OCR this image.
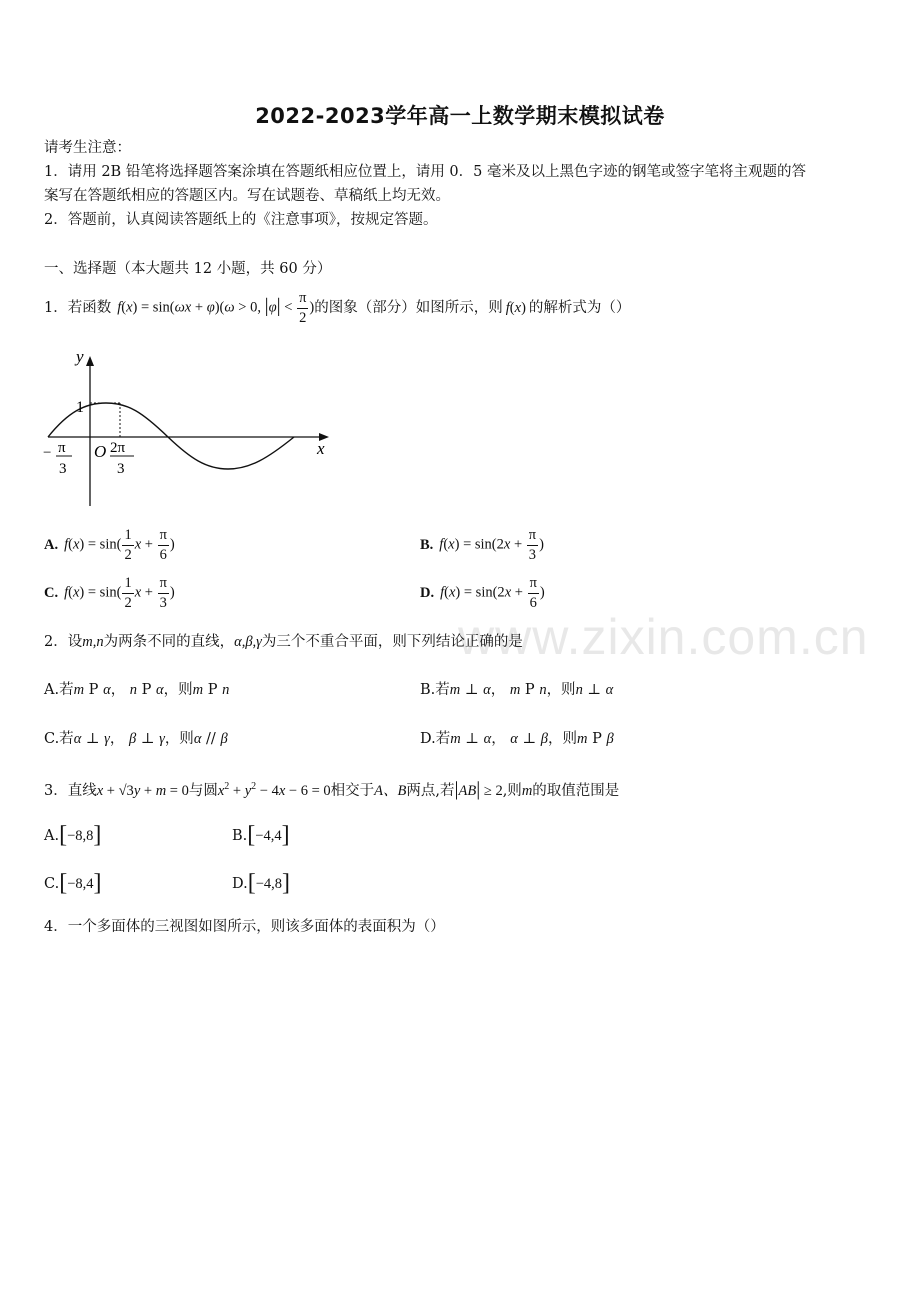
2022-2023学年高一上数学期末模拟试卷
请考生注意：
1．请用 2B 铅笔将选择题答案涂填在答题纸相应位置上，请用 0．5 毫米及以上黑色字迹的钢笔或签字笔将主观题的答
案写在答题纸相应的答题区内。写在试题卷、草稿纸上均无效。
2．答题前，认真阅读答题纸上的《注意事项》，按规定答题。
一、选择题（本大题共 12 小题，共 60 分）
1．若函数 f(x) = sin(ωx + φ)(ω > 0, $|\varphi| < \frac{\pi}{2}$ ) 的图象（部分）如图所示，则 f(x) 的解析式为（）
y
x
1
O
− π
3
2π
3
A. $f(x) = \sin( \frac{1}{2}$ $x + \frac{\pi}{6}$ )	B. $f(x) = \sin(2x + \frac{\pi}{3}$ )
C. $f(x) = \sin( \frac{1}{2}$ $x + \frac{\pi}{3}$ )	D. $f(x) = \sin(2x + \frac{\pi}{6}$ )
www.zixin.com.cn
2．设m,n为两条不同的直线，α,β,γ为三个不重合平面，则下列结论正确的是
A.若m P α， n P α，则m P n	B.若m ⊥ α， m P n，则n ⊥ α
C.若α ⊥ γ， β ⊥ γ，则α // β	D.若m ⊥ α， α ⊥ β，则m P β
3．直线x + √3y + m = 0与圆$x^2 + y^2 - 4x - 6 = 0$相交于A、B两点,若|AB| ≥ 2,则m的取值范围是
A.[−8,8]	B.[−4,4]
C.[−8,4]	D.[−4,8]
4．一个多面体的三视图如图所示，则该多面体的表面积为（）
